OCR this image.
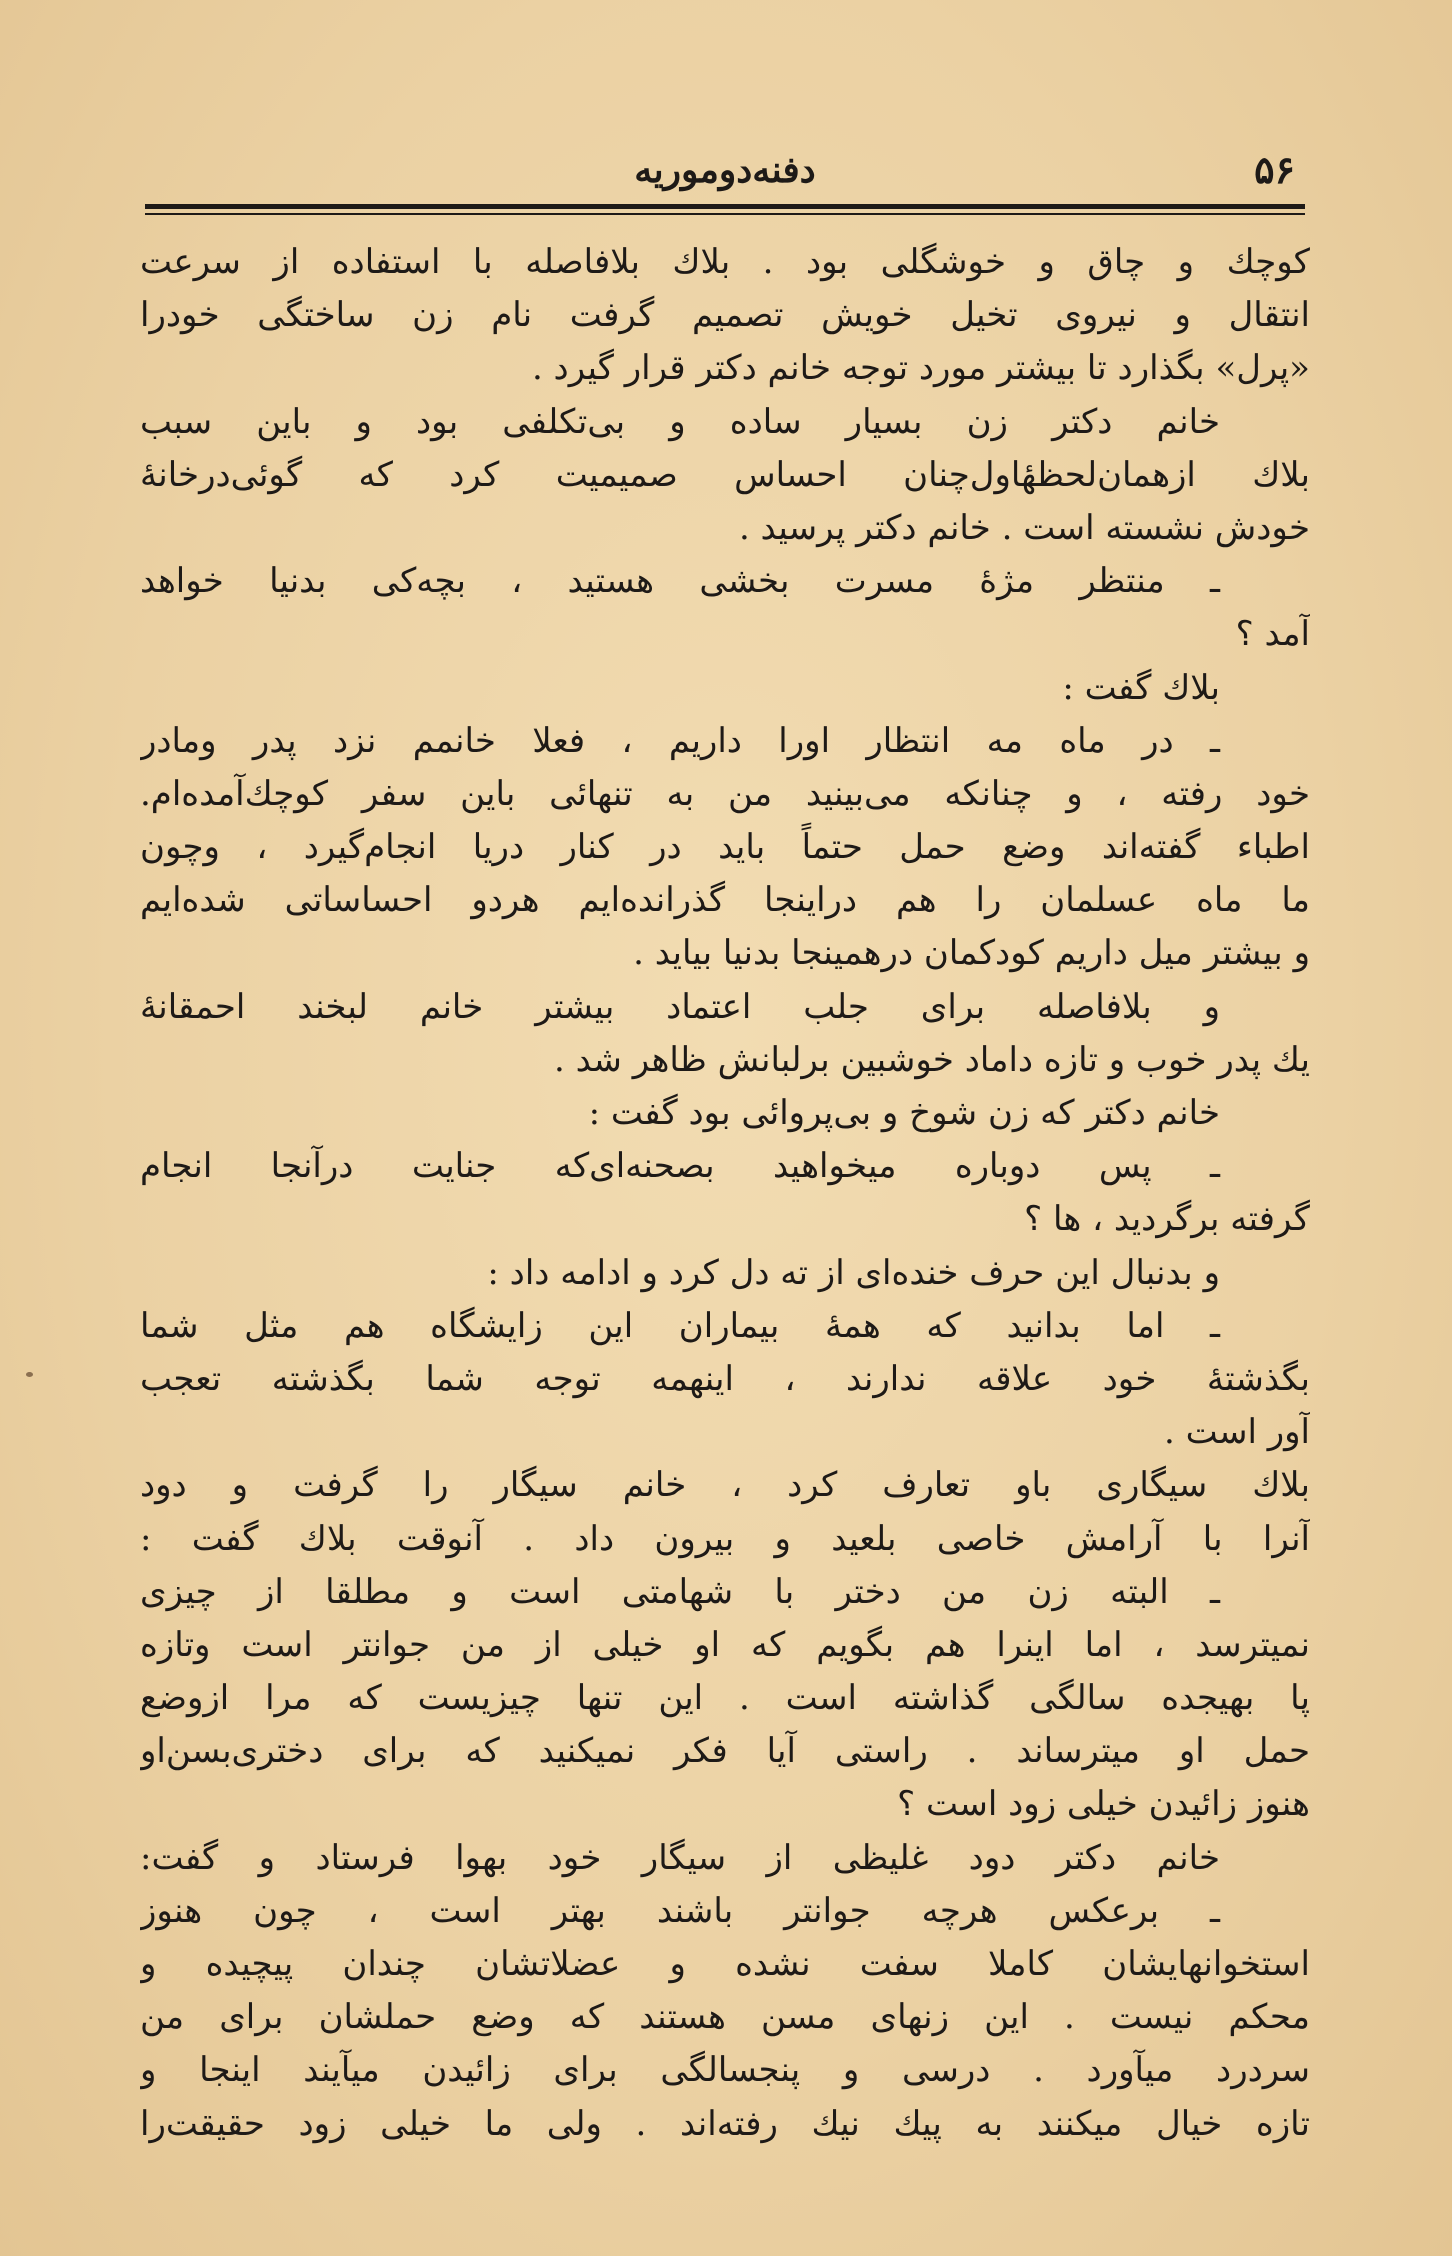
۵۶
دفنه‌دوموریه
کوچك و چاق و خوشگلی بود . بلاك بلافاصله با استفاده از سرعت
انتقال و نیروی تخیل خویش تصمیم گرفت نام زن ساختگی خودرا
«پرل» بگذارد تا بیشتر مورد توجه خانم دکتر قرار گیرد .
خانم دکتر زن بسیار ساده و بی‌تکلفی بود و باین سبب
بلاك ازهمان‌لحظهٔاول‌چنان احساس صمیمیت کرد که گوئی‌درخانهٔ
خودش نشسته است . خانم دکتر پرسید .
ـ منتظر مژهٔ مسرت بخشی هستید ، بچه‌کی بدنیا خواهد
آمد ؟
بلاك گفت :
ـ در ماه مه انتظار اورا داریم ، فعلا خانمم نزد پدر ومادر
خود رفته ، و چنانکه می‌بینید من به تنهائی باین سفر کوچك‌آمده‌ام.
اطباء گفته‌اند وضع حمل حتماً باید در کنار دریا انجام‌گیرد ، وچون
ما ماه عسلمان را هم دراینجا گذرانده‌ایم هردو احساساتی شده‌ایم
و بیشتر میل داریم کودکمان درهمینجا بدنیا بیاید .
و بلافاصله برای جلب اعتماد بیشتر خانم لبخند احمقانهٔ
یك پدر خوب و تازه داماد خوشبین برلبانش ظاهر شد .
خانم دکتر که زن شوخ و بی‌پروائی بود گفت :
ـ پس دوباره میخواهید بصحنه‌ای‌که جنایت درآنجا انجام
گرفته برگردید ، ها ؟
و بدنبال این حرف خنده‌ای از ته دل کرد و ادامه داد :
ـ اما بدانید که همهٔ بیماران این زایشگاه هم مثل شما
بگذشتهٔ خود علاقه ندارند ، اینهمه توجه شما بگذشته تعجب
آور است .
بلاك سیگاری باو تعارف کرد ، خانم سیگار را گرفت و دود
آنرا با آرامش خاصی بلعید و بیرون داد . آنوقت بلاك گفت :
ـ البته زن من دختر با شهامتی است و مطلقا از چیزی
نمیترسد ، اما اینرا هم بگویم که او خیلی از من جوانتر است وتازه
پا بهیجده سالگی گذاشته است . این تنها چیزیست که مرا ازوضع
حمل او میترساند . راستی آیا فکر نمیکنید که برای دختری‌بسن‌او
هنوز زائیدن خیلی زود است ؟
خانم دکتر دود غلیظی از سیگار خود بهوا فرستاد و گفت:
ـ برعکس هرچه جوانتر باشند بهتر است ، چون هنوز
استخوانهایشان کاملا سفت نشده و عضلاتشان چندان پیچیده و
محکم نیست . این زنهای مسن هستند که وضع حملشان برای من
سردرد میآورد . درسی و پنجسالگی برای زائیدن میآیند اینجا و
تازه خیال میکنند به پیك نیك رفته‌اند . ولی ما خیلی زود حقیقت‌را
